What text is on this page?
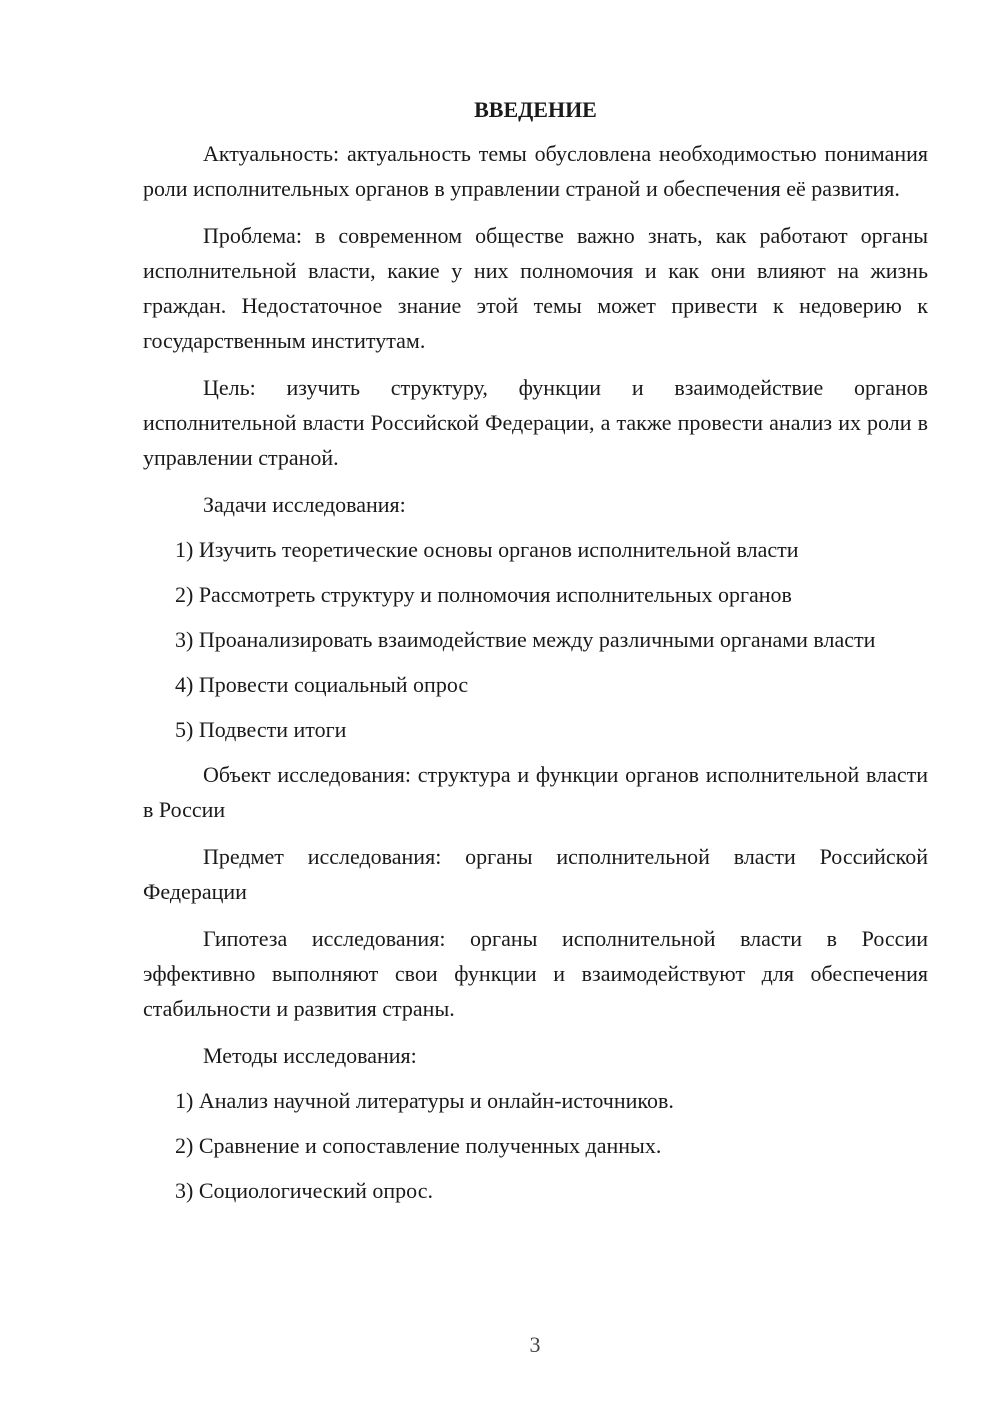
ВВЕДЕНИЕ

Актуальность: актуальность темы обусловлена необходимостью понимания роли исполнительных органов в управлении страной и обеспечения её развития.

Проблема: в современном обществе важно знать, как работают органы исполнительной власти, какие у них полномочия и как они влияют на жизнь граждан. Недостаточное знание этой темы может привести к недоверию к государственным институтам.

Цель: изучить структуру, функции и взаимодействие органов исполнительной власти Российской Федерации, а также провести анализ их роли в управлении страной.

Задачи исследования:

1) Изучить теоретические основы органов исполнительной власти

2) Рассмотреть структуру и полномочия исполнительных органов

3) Проанализировать взаимодействие между различными органами власти

4) Провести социальный опрос

5) Подвести итоги

Объект исследования: структура и функции органов исполнительной власти в России

Предмет исследования: органы исполнительной власти Российской Федерации

Гипотеза исследования: органы исполнительной власти в России эффективно выполняют свои функции и взаимодействуют для обеспечения стабильности и развития страны.

Методы исследования:

1) Анализ научной литературы и онлайн-источников.

2) Сравнение и сопоставление полученных данных.

3) Социологический опрос.

3
